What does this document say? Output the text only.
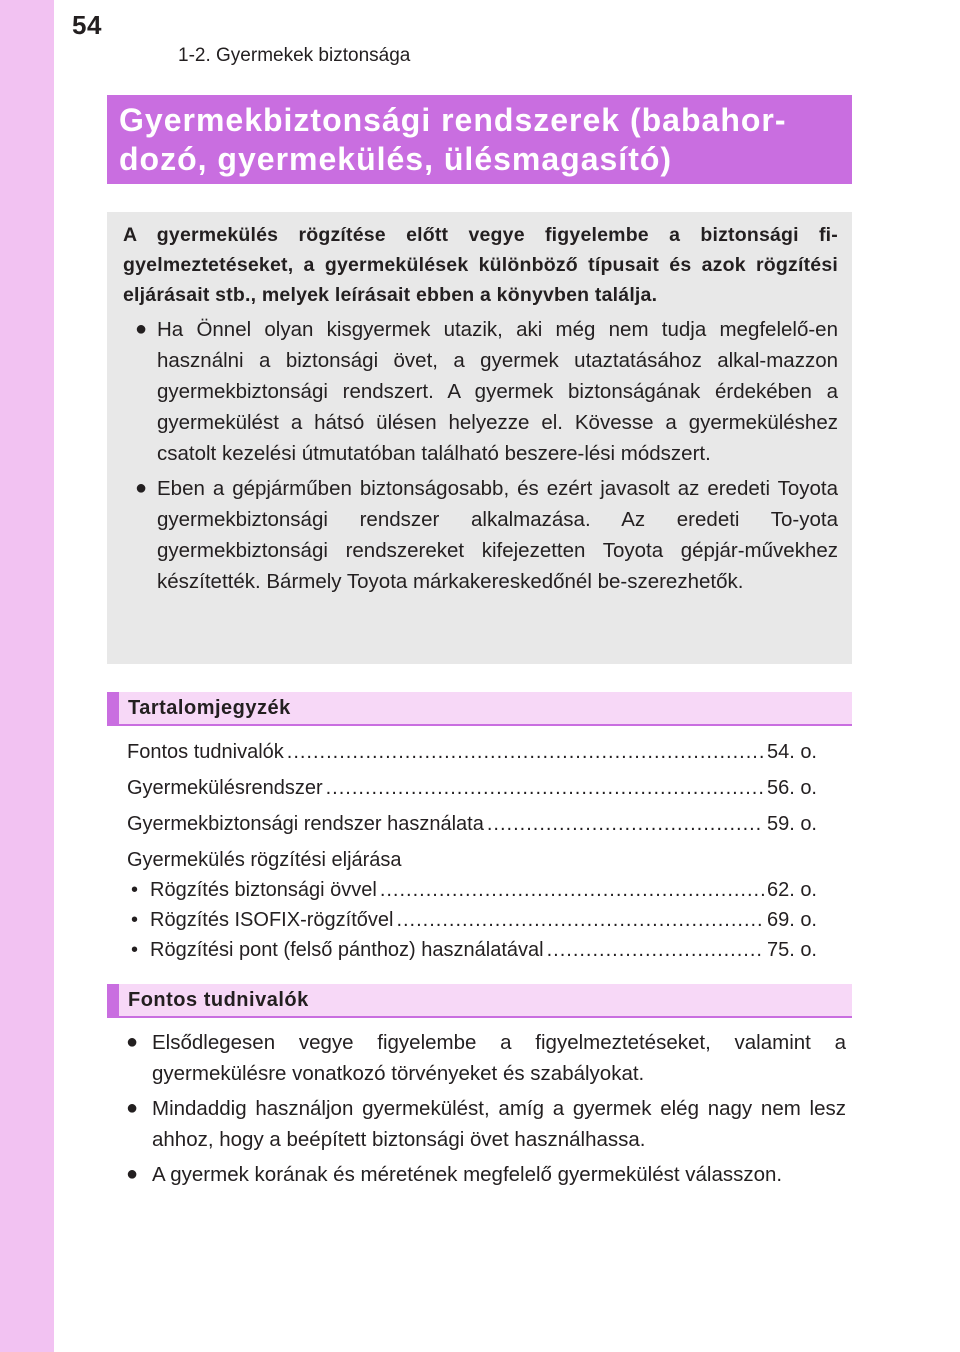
54
1-2. Gyermekek biztonsága

Gyermekbiztonsági rendszerek (babahor-

dozó, gyermekülés, ülésmagasító)

A gyermekülés rögzítése előtt vegye figyelembe a biztonsági fi-gyelmeztetéseket, a gyermekülések különböző típusait és azok rögzítési eljárásait stb., melyek leírásait ebben a könyvben találja.

● Ha Önnel olyan kisgyermek utazik, aki még nem tudja megfelelő-en használni a biztonsági övet, a gyermek utaztatásához alkal-mazzon gyermekbiztonsági rendszert. A gyermek biztonságának érdekében a gyermekülést a hátsó ülésen helyezze el. Kövesse a gyermeküléshez csatolt kezelési útmutatóban található beszere-lési módszert.

● Eben a gépjárműben biztonságosabb, és ezért javasolt az eredeti Toyota gyermekbiztonsági rendszer alkalmazása. Az eredeti To-yota gyermekbiztonsági rendszereket kifejezetten Toyota gépjár-művekhez készítették. Bármely Toyota márkakereskedőnél be-szerezhetők.

Tartalomjegyzék
Fontos tudnivalók .....	54. o.
Gyermekülésrendszer .....	56. o.
Gyermekbiztonsági rendszer használata .....	59. o.
Gyermekülés rögzítési eljárása
• Rögzítés biztonsági övvel .....	62. o.
• Rögzítés ISOFIX-rögzítővel .....	69. o.
• Rögzítési pont (felső pánthoz) használatával .....	75. o.
Fontos tudnivalók
● Elsődlegesen vegye figyelembe a figyelmeztetéseket, valamint a gyermekülésre vonatkozó törvényeket és szabályokat.

● Mindaddig használjon gyermekülést, amíg a gyermek elég nagy nem lesz ahhoz, hogy a beépített biztonsági övet használhassa.

● A gyermek korának és méretének megfelelő gyermekülést válasszon.
